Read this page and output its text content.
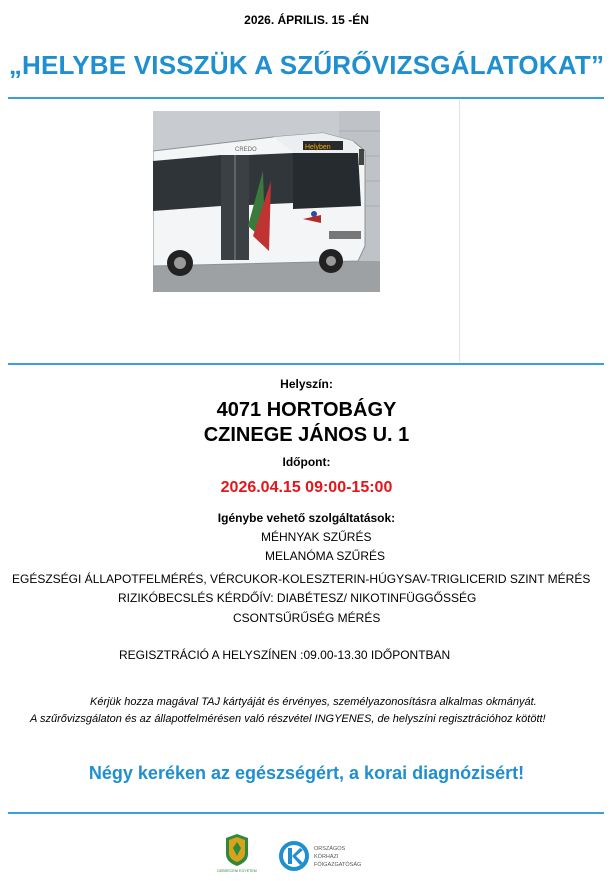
2026. ÁPRILIS. 15 -ÉN
„HELYBE VISSZÜK A SZŰRŐVIZSGÁLATOKAT”
Helyben
CREDO
Helyszín:
4071 HORTOBÁGY
CZINEGE JÁNOS U. 1
Időpont:
2026.04.15 09:00-15:00
Igénybe vehető szolgáltatások:
MÉHNYAK SZŰRÉS
MELANÓMA SZŰRÉS
EGÉSZSÉGI ÁLLAPOTFELMÉRÉS, VÉRCUKOR-KOLESZTERIN-HÚGYSAV-TRIGLICERID SZINT MÉRÉS
RIZIKÓBECSLÉS KÉRDŐÍV: DIABÉTESZ/ NIKOTINFÜGGŐSSÉG
CSONTSŰRŰSÉG MÉRÉS
REGISZTRÁCIÓ A HELYSZÍNEN :09.00-13.30 IDŐPONTBAN
Kérjük hozza magával TAJ kártyáját és érvényes, személyazonosításra alkalmas okmányát.
A szűrővizsgálaton és az állapotfelmérésen való részvétel INGYENES, de helyszíni regisztrációhoz kötött!
Négy keréken az egészségért, a korai diagnózisért!
DEBRECENI EGYETEM
ORSZÁGOS
KÓRHÁZI
FŐIGAZGATÓSÁG
